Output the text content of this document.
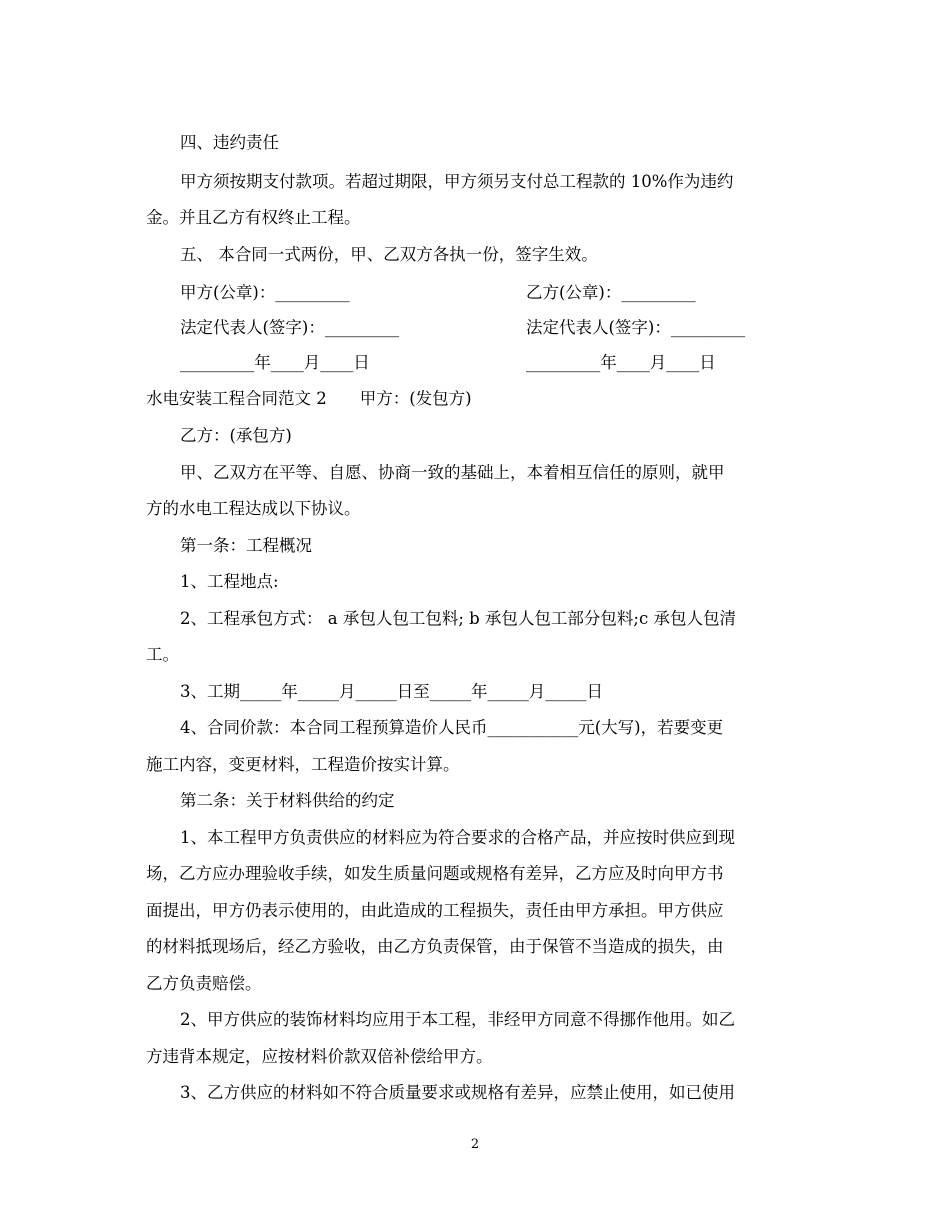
四、违约责任
甲方须按期支付款项。若超过期限，甲方须另支付总工程款的 10%作为违约
金。并且乙方有权终止工程。
五、 本合同一式两份，甲、乙双方各执一份，签字生效。
甲方(公章)：_________	乙方(公章)：_________
法定代表人(签字)：_________	法定代表人(签字)：_________
_________年____月____日	_________年____月____日
水电安装工程合同范文 2　　甲方：(发包方)
乙方：(承包方)
甲、乙双方在平等、自愿、协商一致的基础上，本着相互信任的原则，就甲
方的水电工程达成以下协议。
第一条：工程概况
1、工程地点:
2、工程承包方式： a 承包人包工包料; b 承包人包工部分包料;c 承包人包清
工。
3、工期_____年_____月_____日至_____年_____月_____日
4、合同价款：本合同工程预算造价人民币___________元(大写)，若要变更
施工内容，变更材料，工程造价按实计算。
第二条：关于材料供给的约定
1、本工程甲方负责供应的材料应为符合要求的合格产品，并应按时供应到现
场，乙方应办理验收手续，如发生质量问题或规格有差异，乙方应及时向甲方书
面提出，甲方仍表示使用的，由此造成的工程损失，责任由甲方承担。甲方供应
的材料抵现场后，经乙方验收，由乙方负责保管，由于保管不当造成的损失，由
乙方负责赔偿。
2、甲方供应的装饰材料均应用于本工程，非经甲方同意不得挪作他用。如乙
方违背本规定，应按材料价款双倍补偿给甲方。
3、乙方供应的材料如不符合质量要求或规格有差异，应禁止使用，如已使用
2
